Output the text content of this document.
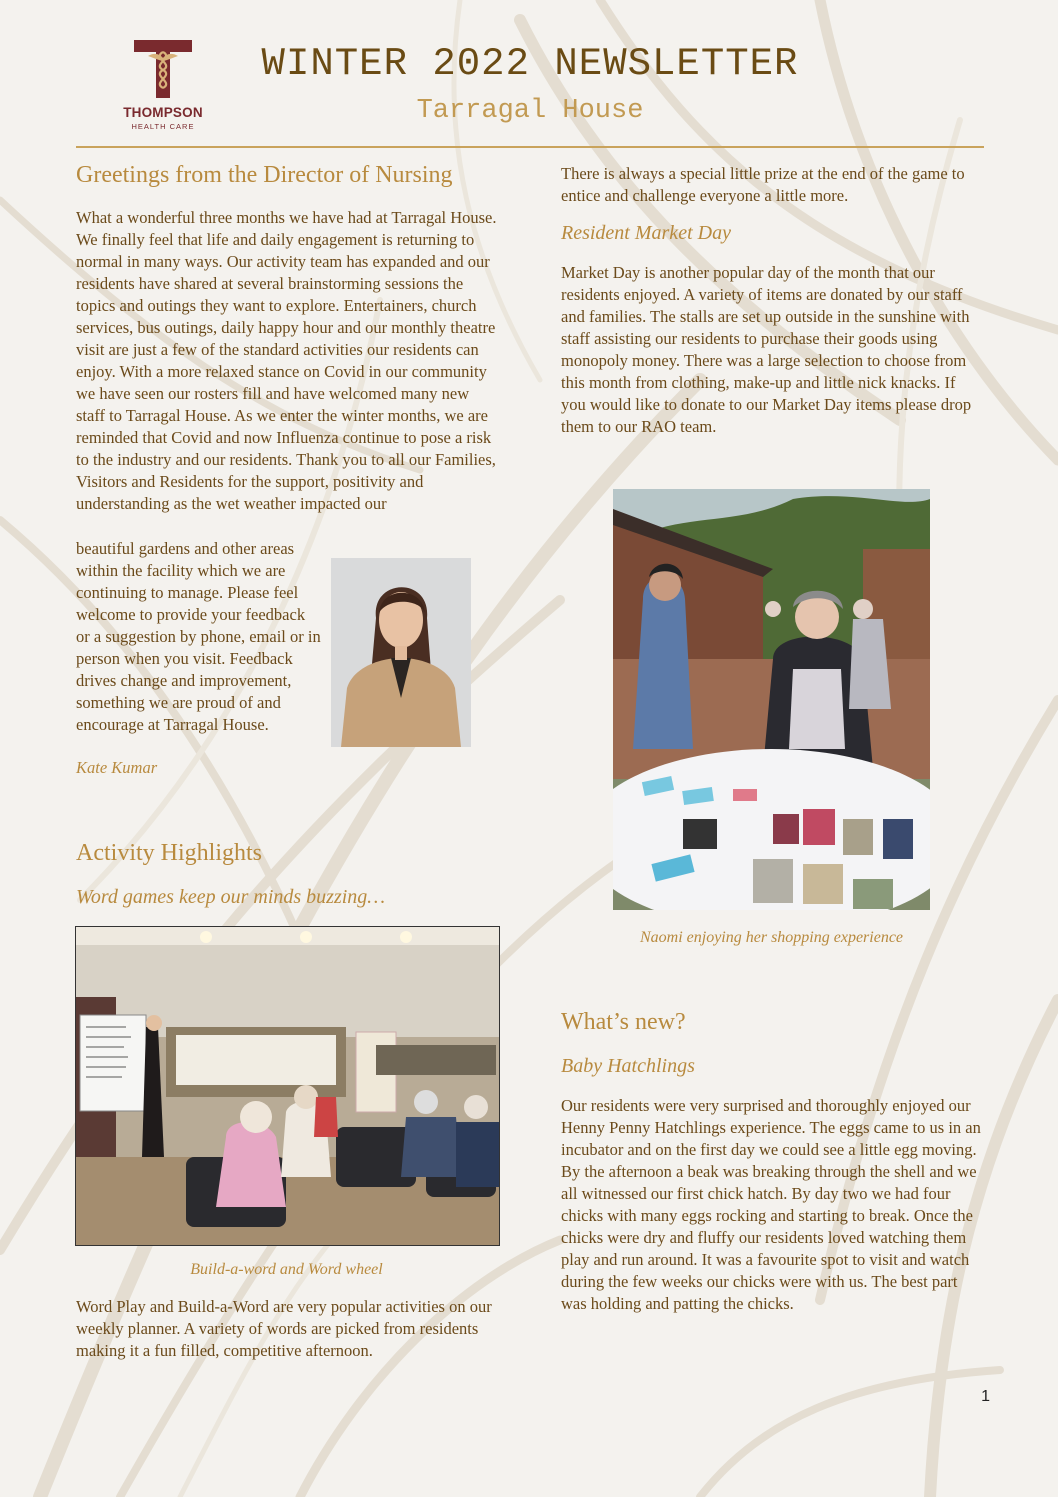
THOMPSON
HEALTH CARE
WINTER 2022 NEWSLETTER
Tarragal House
Greetings from the Director of Nursing
What a wonderful three months we have had at Tarragal House. We finally feel that life and daily engagement is returning to normal in many ways. Our activity team has expanded and our residents have shared at several brainstorming sessions the topics and outings they want to explore. Entertainers, church services, bus outings, daily happy hour and our monthly theatre visit are just a few of the standard activities our residents can enjoy. With a more relaxed stance on Covid in our community we have seen our rosters fill and have welcomed many new staff to Tarragal House. As we enter the winter months, we are reminded that Covid and now Influenza continue to pose a risk to the industry and our residents. Thank you to all our Families, Visitors and Residents for the support, positivity and understanding as the wet weather impacted our
beautiful gardens and other areas within the facility which we are continuing to manage. Please feel welcome to provide your feedback or a suggestion by phone, email or in person when you visit. Feedback drives change and improvement, something we are proud of and encourage at Tarragal House.
Kate Kumar
Activity Highlights
Word games keep our minds buzzing…
Build-a-word and Word wheel
Word Play and Build-a-Word are very popular activities on our weekly planner. A variety of words are picked from residents making it a fun filled, competitive afternoon.
There is always a special little prize at the end of the game to entice and challenge everyone a little more.
Resident Market Day
Market Day is another popular day of the month that our residents enjoyed. A variety of items are donated by our staff and families. The stalls are set up outside in the sunshine with staff assisting our residents to purchase their goods using monopoly money. There was a large selection to choose from this month from clothing, make-up and little nick knacks. If you would like to donate to our Market Day items please drop them to our RAO team.
Naomi enjoying her shopping experience
What’s new?
Baby Hatchlings
Our residents were very surprised and thoroughly enjoyed our Henny Penny Hatchlings experience. The eggs came to us in an incubator and on the first day we could see a little egg moving. By the afternoon a beak was breaking through the shell and we all witnessed our first chick hatch. By day two we had four chicks with many eggs rocking and starting to break. Once the chicks were dry and fluffy our residents loved watching them play and run around. It was a favourite spot to visit and watch during the few weeks our chicks were with us. The best part was holding and patting the chicks.
1
